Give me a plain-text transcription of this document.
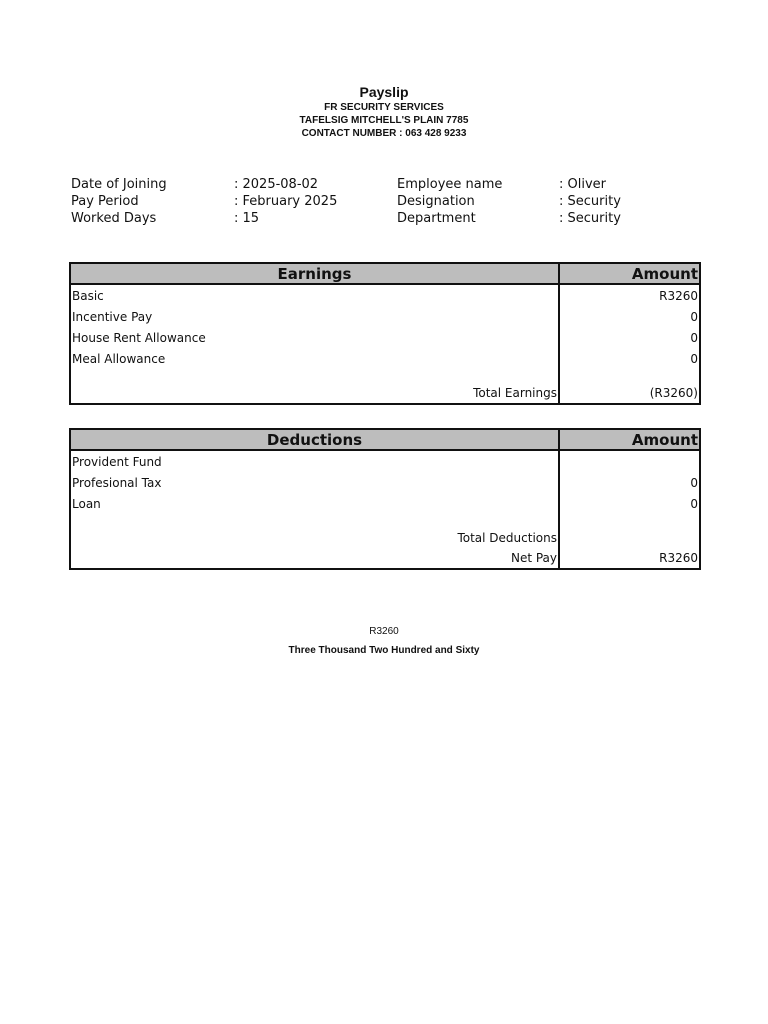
Payslip
FR SECURITY SERVICES
TAFELSIG MITCHELL'S PLAIN 7785
CONTACT NUMBER : 063 428 9233
Date of Joining	: 2025-08-02	Employee name	: Oliver
Pay Period	: February 2025	Designation	: Security
Worked Days	: 15	Department	: Security
Earnings	Amount
Basic	R3260
Incentive Pay	0
House Rent Allowance	0
Meal Allowance	0

Total Earnings	(R3260)
Deductions	Amount
Provident Fund	
Profesional Tax	0
Loan	0

Total Deductions	
Net Pay	R3260
R3260
Three Thousand Two Hundred and Sixty
